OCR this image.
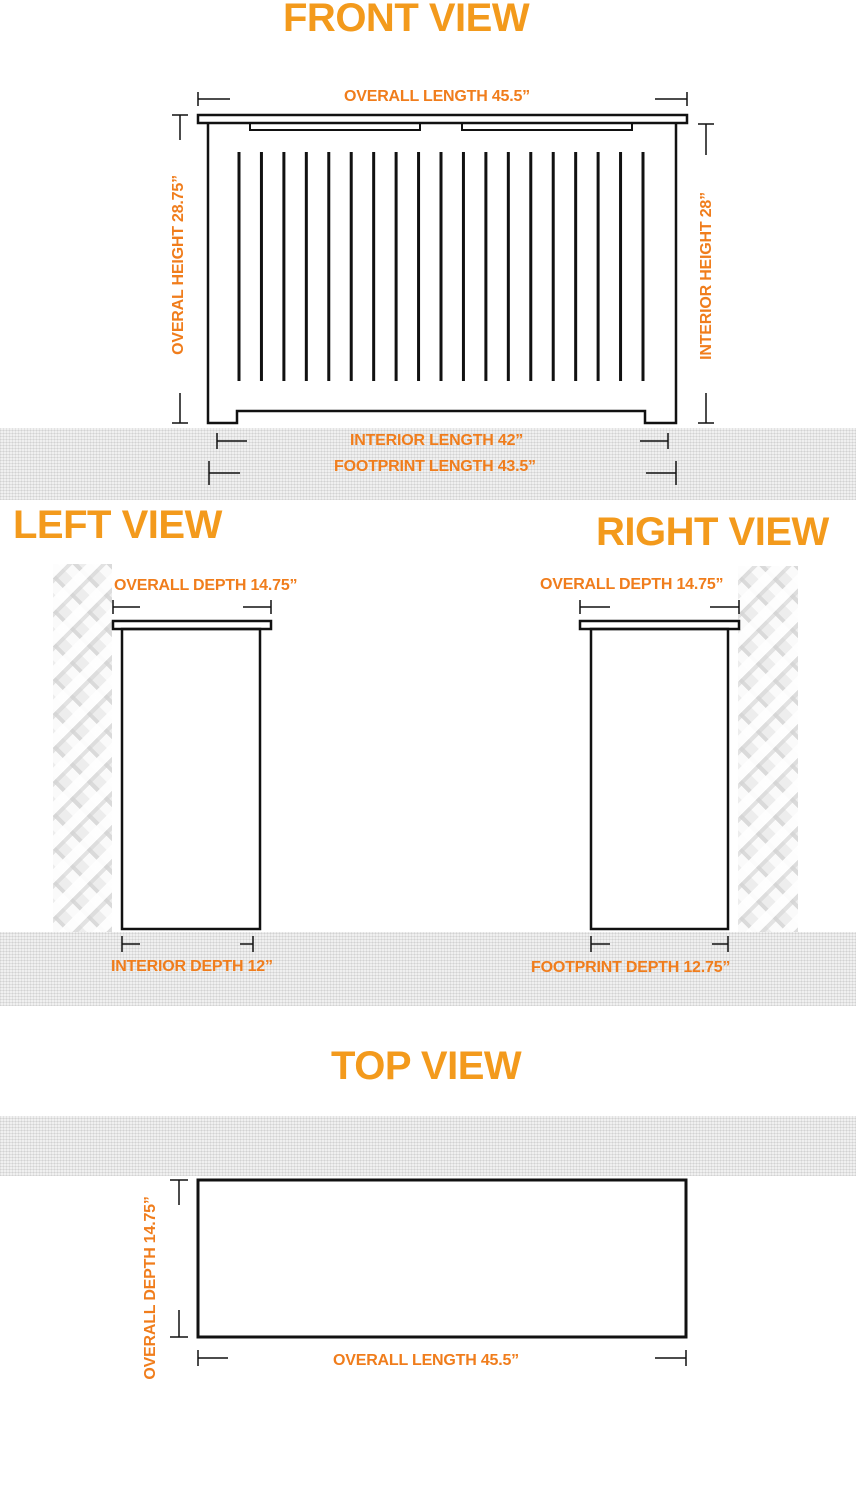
FRONT VIEW
LEFT VIEW	RIGHT VIEW
TOP VIEW
OVERALL LENGTH 45.5”
OVERAL HEIGHT 28.75”	INTERIOR HEIGHT 28”
INTERIOR LENGTH 42”
FOOTPRINT LENGTH 43.5”
OVERALL DEPTH 14.75”
INTERIOR DEPTH 12”
OVERALL DEPTH 14.75”
FOOTPRINT DEPTH 12.75”
OVERALL DEPTH 14.75”	OVERALL LENGTH 45.5”
